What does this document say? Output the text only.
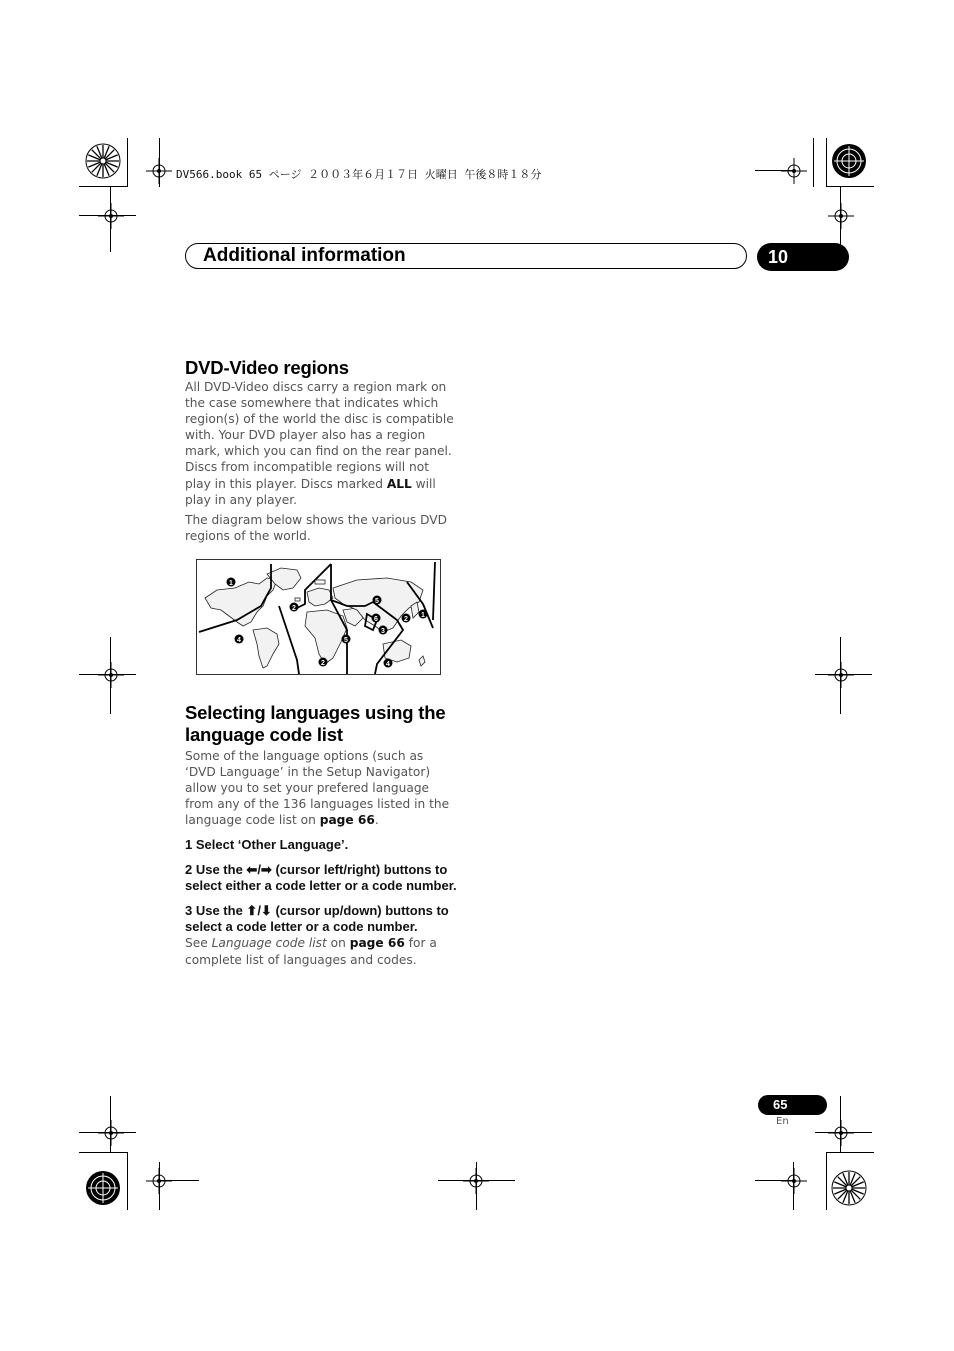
DV566.book 65 ページ ２００３年６月１７日 火曜日 午後８時１８分
Additional information	10
DVD-Video regions

All DVD-Video discs carry a region mark on the case somewhere that indicates which region(s) of the world the disc is compatible with. Your DVD player also has a region mark, which you can find on the rear panel. Discs from incompatible regions will not play in this player. Discs marked ALL will play in any player.

The diagram below shows the various DVD regions of the world.

1
2
5
1
2
6
3
4	5
2	4
Selecting languages using the language code list

Some of the language options (such as ‘DVD Language’ in the Setup Navigator) allow you to set your prefered language from any of the 136 languages listed in the language code list on page 66.

1 Select ‘Other Language’.

2 Use the ⬅/➡ (cursor left/right) buttons to select either a code letter or a code number.

3 Use the ⬆/⬇ (cursor up/down) buttons to select a code letter or a code number.

See Language code list on page 66 for a complete list of languages and codes.

65
En
